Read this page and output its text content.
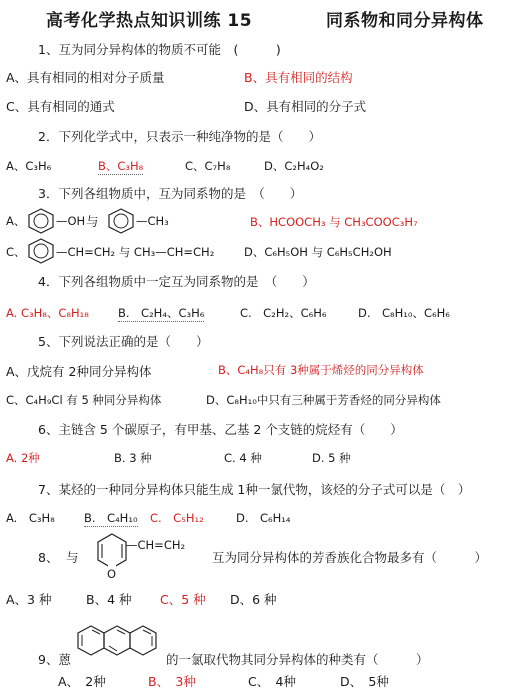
高考化学热点知识训练 15	同系物和同分异构体
1、互为同分异构体的物质不可能　(　　　)
A、具有相同的相对分子质量	B、具有相同的结构
C、具有相同的通式	D、具有相同的分子式
2．下列化学式中，只表示一种纯净物的是（　　）
A、C₃H₆	B、C₃H₈	C、C₇H₈	D、C₂H₄O₂
3．下列各组物质中，互为同系物的是　（　　）
A、	—OH 与	—CH₃	B、HCOOCH₃ 与 CH₃COOC₃H₇
C、	—CH=CH₂ 与 CH₃—CH=CH₂	D、C₆H₅OH 与 C₆H₅CH₂OH
4．下列各组物质中一定互为同系物的是　（　　）
A. C₃H₈、C₈H₁₈	B.　C₂H₄、C₃H₆	C.　C₂H₂、C₆H₆	D.　C₈H₁₀、C₆H₆
5、下列说法正确的是（　　）
A、戊烷有 2种同分异构体	B、C₄H₈只有 3种属于烯烃的同分异构体
C、C₄H₉Cl 有 5 种同分异构体	D、C₈H₁₀中只有三种属于芳香烃的同分异构体
6、主链含 5 个碳原子，有甲基、乙基 2 个支链的烷烃有（　　）
A. 2种	B. 3 种	C. 4 种	D. 5 种
7、某烃的一种同分异构体只能生成 1种一氯代物，该烃的分子式可以是（　）
A.　C₃H₈	B.　C₄H₁₀ C.　C₅H₁₂	D.　C₆H₁₄
8、 与
O
—CH=CH₂
互为同分异构体的芳香族化合物最多有（　　　）
A、3 种	B、4 种 C、5 种 D、6 种
9、蒽	的一氯取代物其同分异构体的种类有（　　　）
A、　2种	B、　3种	C、　4种	D、　5种
